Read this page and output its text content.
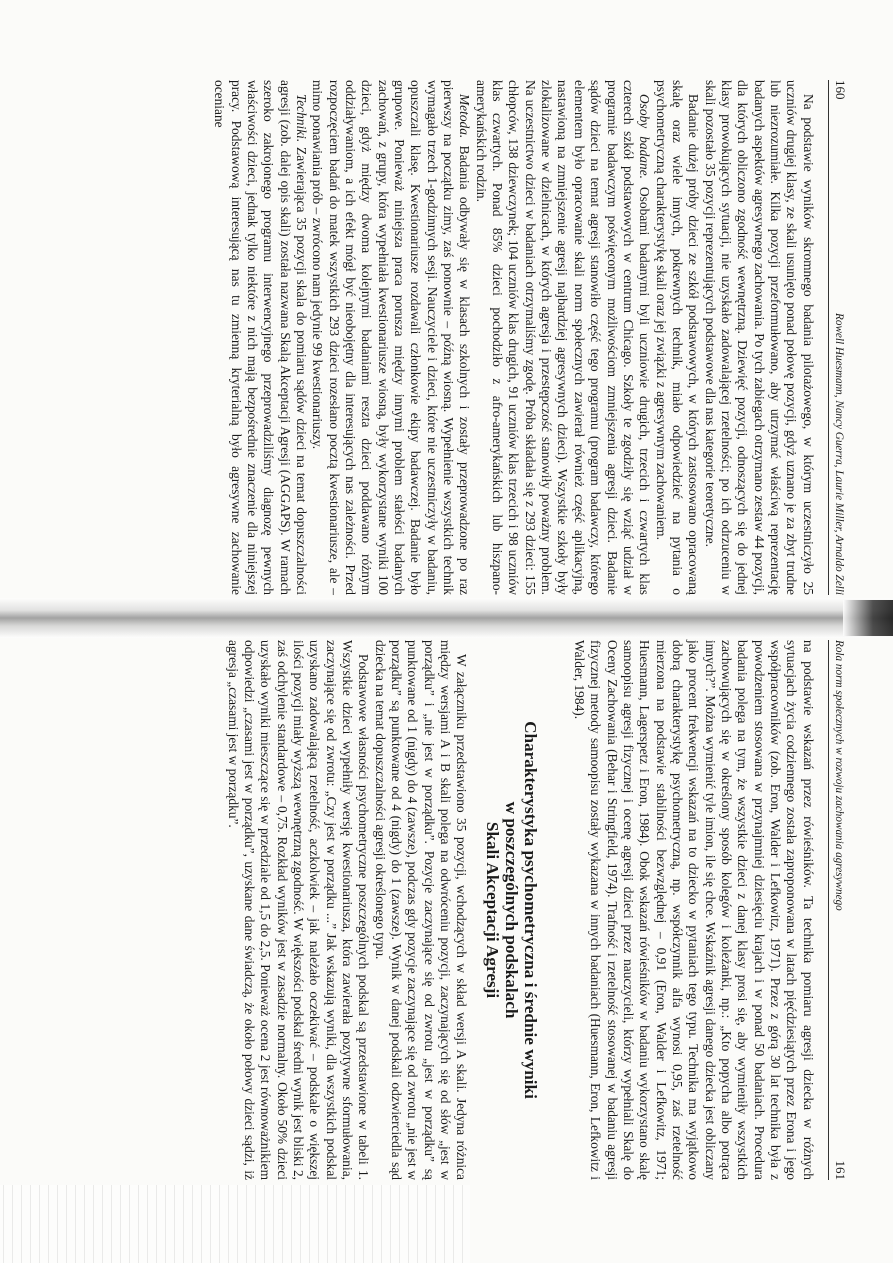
160
Rowell Huesmann, Nancy Guerra, Laurie Miller, Arnaldo Zelli

Na podstawie wyników skromnego badania pilotażowego, w którym uczestniczyło 25 uczniów drugiej klasy, ze skali usunięto ponad połowę pozycji, gdyż uznano je za zbyt trudne lub niezrozumiałe. Kilka pozycji przeformułowano, aby utrzymać właściwą reprezentację badanych aspektów agresywnego zachowania. Po tych zabiegach otrzymano zestaw 44 pozycji, dla których obliczono zgodność wewnętrzną. Dziewięć pozycji, odnoszących się do jednej klasy prowokujących sytuacji, nie uzyskało zadowalającej rzetelności; po ich odrzuceniu w skali pozostało 35 pozycji reprezentujących podstawowe dla nas kategorie teoretyczne.

Badanie dużej próby dzieci ze szkół podstawowych, w których zastosowano opracowaną skalę oraz wiele innych, pokrewnych technik, miało odpowiedzieć na pytania o psychometryczną charakterystykę skali oraz jej związki z agresywnym zachowaniem.

Osoby badane. Osobami badanymi byli uczniowie drugich, trzecich i czwartych klas czterech szkół podstawowych w centrum Chicago. Szkoły te zgodziły się wziąć udział w programie badawczym poświęconym możliwościom zmniejszenia agresji dzieci. Badanie sądów dzieci na temat agresji stanowiło część tego programu (program badawczy, którego elementem było opracowanie skali norm społecznych zawierał również część aplikacyjną, nastawioną na zmniejszenie agresji najbardziej agresywnych dzieci). Wszystkie szkoły były zlokalizowane w dzielnicach, w których agresja i przestępczość stanowiły poważny problem. Na uczestnictwo dzieci w badaniach otrzymaliśmy zgodę. Próba składała się z 293 dzieci: 155 chłopców, 138 dziewczynek; 104 uczniów klas drugich, 91 uczniów klas trzecich i 98 uczniów klas czwartych. Ponad 85% dzieci pochodziło z afro-amerykańskich lub hiszpano-amerykańskich rodzin.

Metoda. Badania odbywały się w klasach szkolnych i zostały przeprowadzone po raz pierwszy na początku zimy, zaś ponownie – późną wiosną. Wypełnienie wszystkich technik wymagało trzech 1-godzinnych sesji. Nauczyciele i dzieci, które nie uczestniczyły w badaniu, opuszczali klasę. Kwestionariusze rozdawali członkowie ekipy badawczej. Badanie było grupowe. Ponieważ niniejsza praca porusza między innymi problem stałości badanych zachowań, z grupy, która wypełniała kwestionariusze wiosną, były wykorzystane wyniki 100 dzieci, gdyż między dwoma kolejnymi badaniami reszta dzieci poddawano różnym oddziaływaniom, a ich efekt mógł być nieobojętny dla interesujących nas zależności. Przed rozpoczęciem badań do matek wszystkich 293 dzieci rozesłano pocztą kwestionariusze, ale – mimo ponawiania prób – zwrócono nam jedynie 99 kwestionariuszy.

Techniki. Zawierająca 35 pozycji skala do pomiaru sądów dzieci na temat dopuszczalności agresji (zob. dalej opis skali) została nazwana Skalą Akceptacji Agresji (AGGAPS). W ramach szeroko zakrojonego programu interwencyjnego przeprowadziliśmy diagnozę pewnych właściwości dzieci, jednak tylko niektóre z nich mają bezpośrednie znaczenie dla niniejszej pracy. Podstawową interesującą nas tu zmienną kryterialną było agresywne zachowanie oceniane

Rola norm społecznych w rozwoju zachowania agresywnego
161

na podstawie wskazań przez rówieśników. Ta technika pomiaru agresji dziecka w różnych sytuacjach życia codziennego została zaproponowana w latach pięćdziesiątych przez Erona i jego współpracowników (zob. Eron, Walder i Lefkowitz, 1971). Przez z górą 30 lat technika była z powodzeniem stosowana w przynajmniej dziesięciu krajach i w ponad 50 badaniach. Procedura badania polega na tym, że wszystkie dzieci z danej klasy prosi się, aby wymieniły wszystkich zachowujących się w określony sposób kolegów i koleżanki, np.: „Kto popycha albo potrąca innych?”. Można wymienić tyle imion, ile się chce. Wskaźnik agresji danego dziecka jest obliczany jako procent frekwencji wskazań na to dziecko w pytaniach tego typu. Technika ma wyjątkowo dobrą charakterystykę psychometryczną, np. współczynnik alfa wynosi 0,95, zaś rzetelność mierzona na podstawie stabilności bezwzględnej – 0,91 (Eron, Walder i Lefkowitz, 1971; Huesmann, Lagerspetz i Eron, 1984). Obok wskazań rówieśników w badaniu wykorzystano skalę samoopisu agresji fizycznej i ocenę agresji dzieci przez nauczycieli, którzy wypełniali Skalę do Oceny Zachowania (Behar i Stringfield, 1974). Trafność i rzetelność stosowanej w badaniu agresji fizycznej metody samoopisu zostały wykazana w innych badaniach (Huesmann, Eron, Lefkowitz i Walder, 1984).

Charakterystyka psychometryczna i średnie wyniki
w poszczególnych podskalach
Skali Akceptacji Agresji

W załączniku przedstawiono 35 pozycji, wchodzących w skład wersji A skali. Jedyna różnica między wersjami A i B skali polega na odwróceniu pozycji, zaczynających się od słów „jest w porządku” i „nie jest w porządku”. Pozycje zaczynające się od zwrotu „jest w porządku” są punktowane od 1 (nigdy) do 4 (zawsze), podczas gdy pozycje zaczynające się od zwrotu „nie jest w porządku” są punktowane od 4 (nigdy) do 1 (zawsze). Wynik w danej podskali odzwierciedla sąd dziecka na temat dopuszczalności agresji określonego typu.

Podstawowe własności psychometryczne poszczególnych podskal są przedstawione w tabeli 1. Wszystkie dzieci wypełniły wersję kwestionariusza, która zawierała pozytywne sformułowania, zaczynające się od zwrotu: „Czy jest w porządku ...” Jak wskazują wyniki, dla wszystkich podskal uzyskano zadowalającą rzetelność, aczkolwiek – jak należało oczekiwać – podskale o większej ilości pozycji miały wyższą wewnętrzną zgodność. W większości podskal średni wynik jest bliski 2, zaś odchylenie standardowe – 0,75. Rozkład wyników jest w zasadzie normalny. Około 50% dzieci uzyskało wyniki mieszczące się w przedziale od 1,5 do 2,5. Ponieważ ocena 2 jest równoważnikiem odpowiedzi „czasami jest w porządku”, uzyskane dane świadczą, że około połowy dzieci sądzi, iż agresja „czasami jest w porządku”.
